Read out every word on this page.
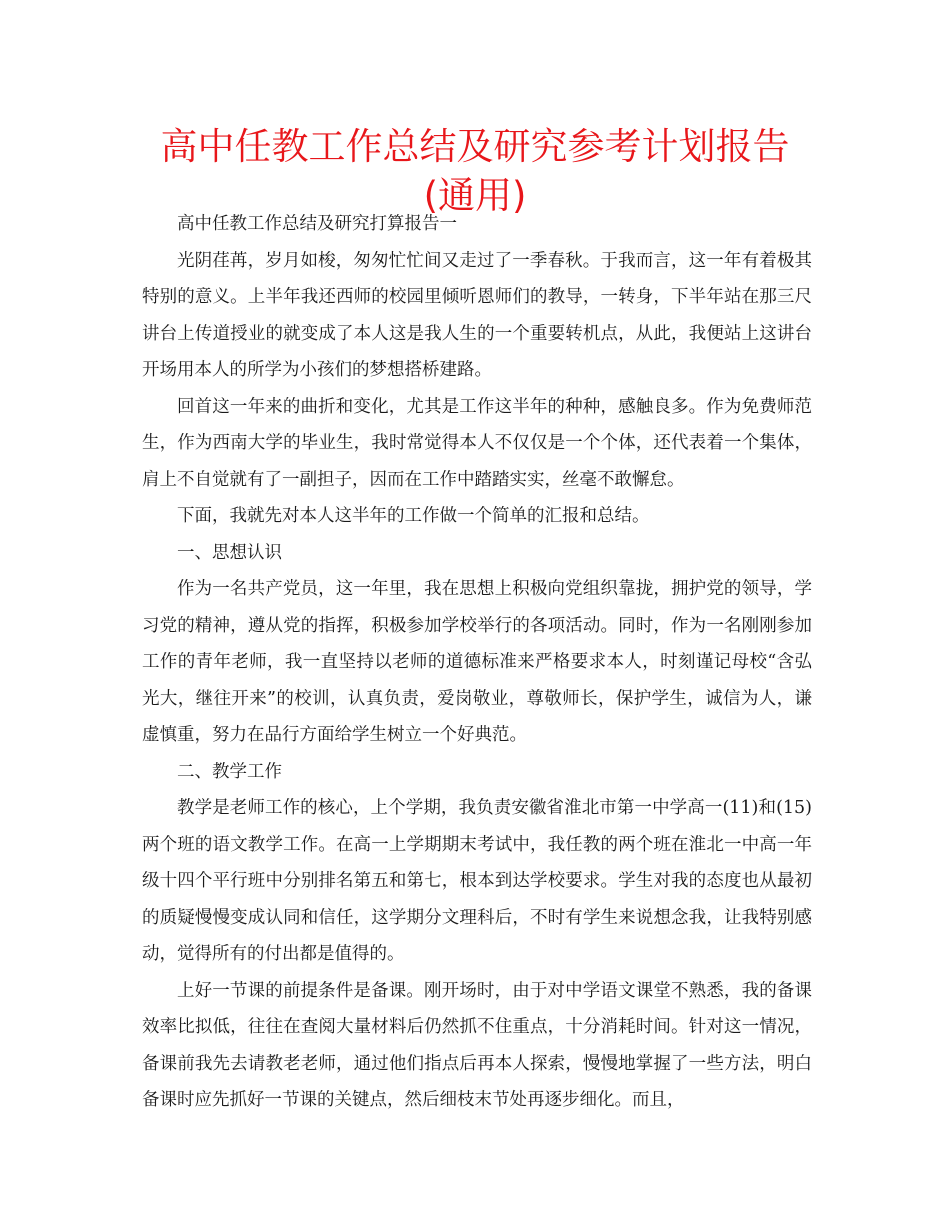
高中任教工作总结及研究参考计划报告
(通用)

高中任教工作总结及研究打算报告一

光阴荏苒，岁月如梭，匆匆忙忙间又走过了一季春秋。于我而言，这一年有着极其特别的意义。上半年我还西师的校园里倾听恩师们的教导，一转身，下半年站在那三尺讲台上传道授业的就变成了本人这是我人生的一个重要转机点，从此，我便站上这讲台开场用本人的所学为小孩们的梦想搭桥建路。

回首这一年来的曲折和变化，尤其是工作这半年的种种，感触良多。作为免费师范生，作为西南大学的毕业生，我时常觉得本人不仅仅是一个个体，还代表着一个集体，肩上不自觉就有了一副担子，因而在工作中踏踏实实，丝毫不敢懈怠。

下面，我就先对本人这半年的工作做一个简单的汇报和总结。

一、思想认识

作为一名共产党员，这一年里，我在思想上积极向党组织靠拢，拥护党的领导，学习党的精神，遵从党的指挥，积极参加学校举行的各项活动。同时，作为一名刚刚参加工作的青年老师，我一直坚持以老师的道德标准来严格要求本人，时刻谨记母校“含弘光大，继往开来”的校训，认真负责，爱岗敬业，尊敬师长，保护学生，诚信为人，谦虚慎重，努力在品行方面给学生树立一个好典范。

二、教学工作

教学是老师工作的核心，上个学期，我负责安徽省淮北市第一中学高一(11)和(15)两个班的语文教学工作。在高一上学期期末考试中，我任教的两个班在淮北一中高一年级十四个平行班中分别排名第五和第七，根本到达学校要求。学生对我的态度也从最初的质疑慢慢变成认同和信任，这学期分文理科后，不时有学生来说想念我，让我特别感动，觉得所有的付出都是值得的。

上好一节课的前提条件是备课。刚开场时，由于对中学语文课堂不熟悉，我的备课效率比拟低，往往在查阅大量材料后仍然抓不住重点，十分消耗时间。针对这一情况，备课前我先去请教老老师，通过他们指点后再本人探索，慢慢地掌握了一些方法，明白备课时应先抓好一节课的关键点，然后细枝末节处再逐步细化。而且，
